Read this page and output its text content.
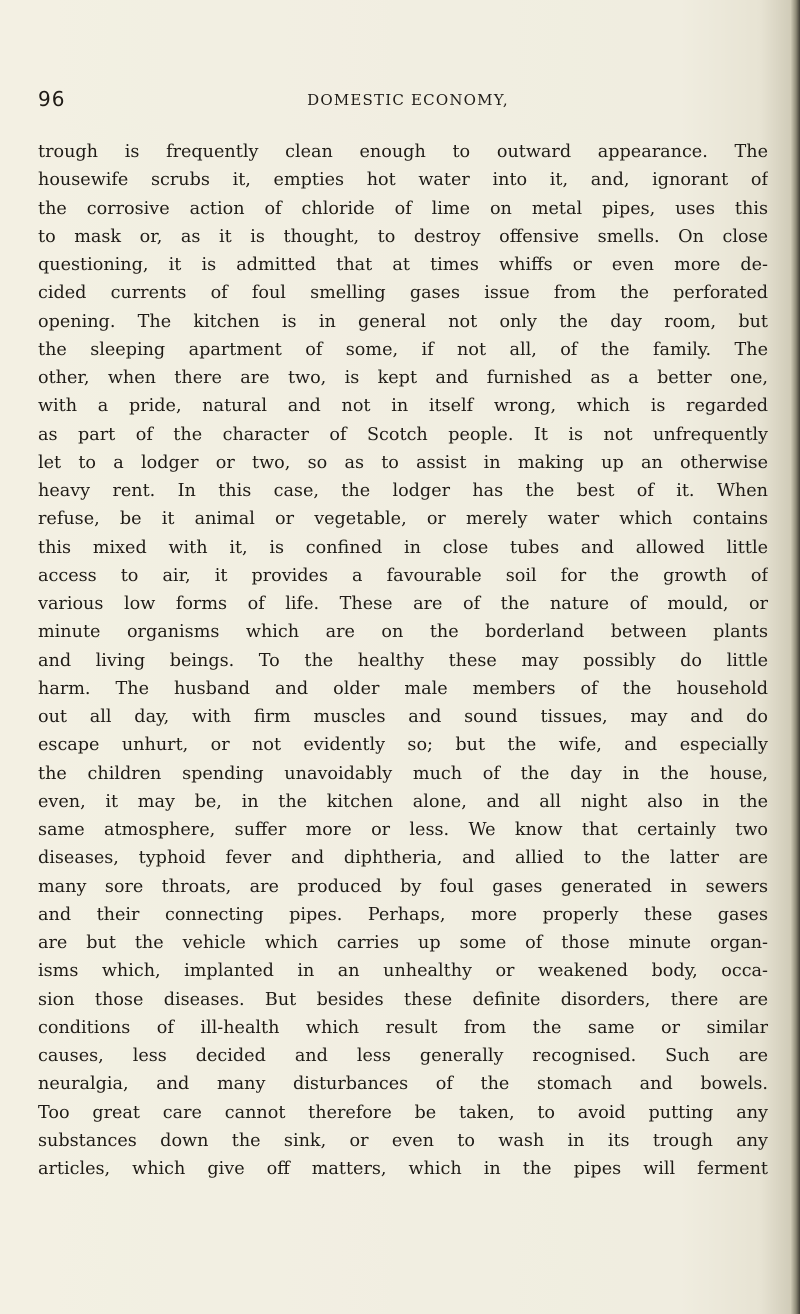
96	DOMESTIC ECONOMY,
trough is frequently clean enough to outward appearance. The
housewife scrubs it, empties hot water into it, and, ignorant of
the corrosive action of chloride of lime on metal pipes, uses this
to mask or, as it is thought, to destroy offensive smells. On close
questioning, it is admitted that at times whiffs or even more de-
cided currents of foul smelling gases issue from the perforated
opening. The kitchen is in general not only the day room, but
the sleeping apartment of some, if not all, of the family. The
other, when there are two, is kept and furnished as a better one,
with a pride, natural and not in itself wrong, which is regarded
as part of the character of Scotch people. It is not unfrequently
let to a lodger or two, so as to assist in making up an otherwise
heavy rent. In this case, the lodger has the best of it. When
refuse, be it animal or vegetable, or merely water which contains
this mixed with it, is confined in close tubes and allowed little
access to air, it provides a favourable soil for the growth of
various low forms of life. These are of the nature of mould, or
minute organisms which are on the borderland between plants
and living beings. To the healthy these may possibly do little
harm. The husband and older male members of the household
out all day, with firm muscles and sound tissues, may and do
escape unhurt, or not evidently so; but the wife, and especially
the children spending unavoidably much of the day in the house,
even, it may be, in the kitchen alone, and all night also in the
same atmosphere, suffer more or less. We know that certainly two
diseases, typhoid fever and diphtheria, and allied to the latter are
many sore throats, are produced by foul gases generated in sewers
and their connecting pipes. Perhaps, more properly these gases
are but the vehicle which carries up some of those minute organ-
isms which, implanted in an unhealthy or weakened body, occa-
sion those diseases. But besides these definite disorders, there are
conditions of ill-health which result from the same or similar
causes, less decided and less generally recognised. Such are
neuralgia, and many disturbances of the stomach and bowels.
Too great care cannot therefore be taken, to avoid putting any
substances down the sink, or even to wash in its trough any
articles, which give off matters, which in the pipes will ferment
